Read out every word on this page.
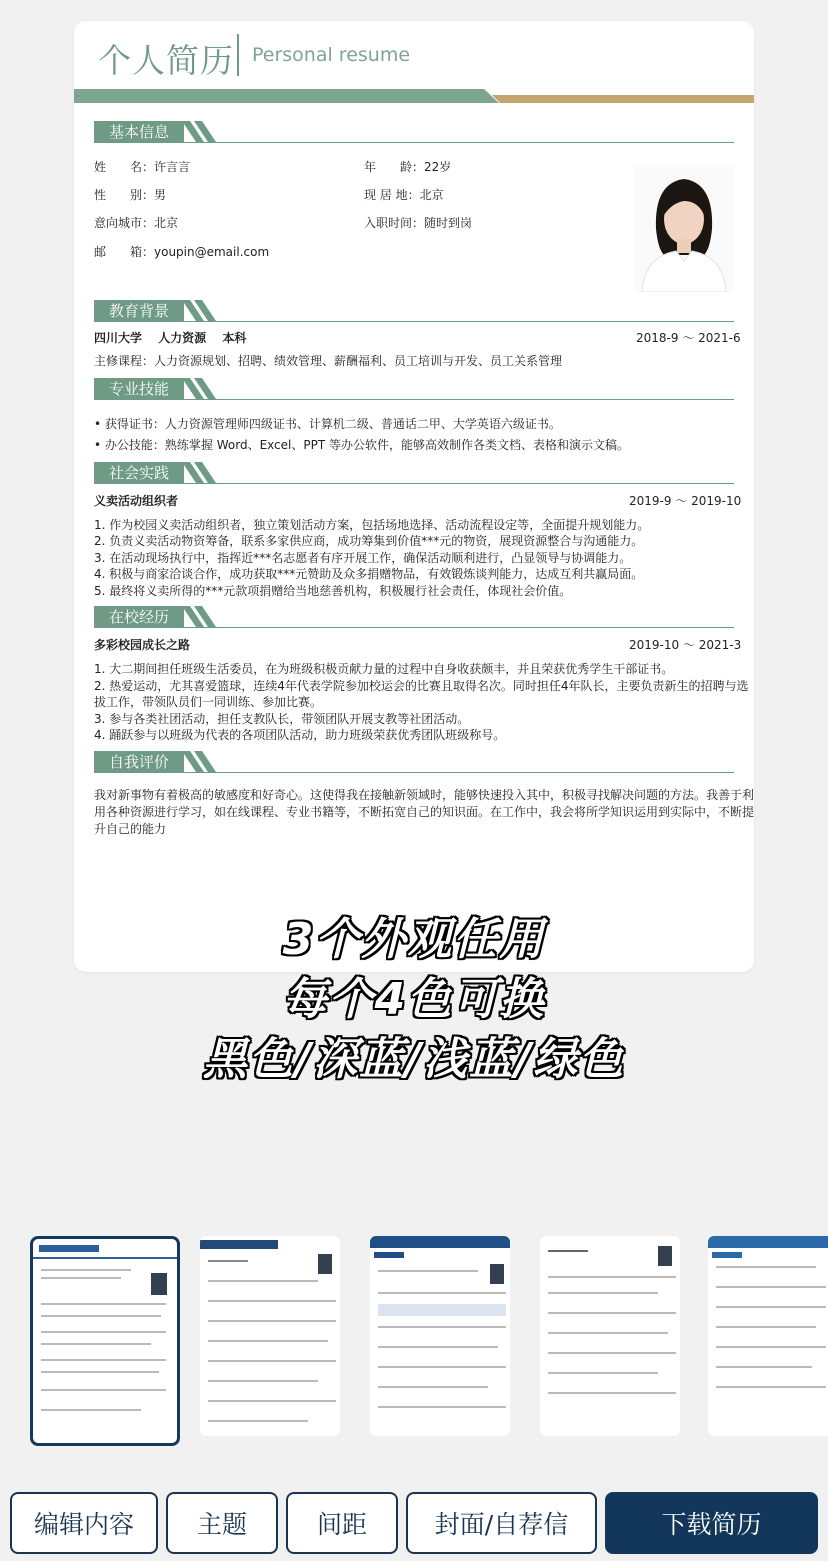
个人简历 Personal resume
基本信息
姓　　名：许言言	年　　龄：22岁
性　　别：男	现 居 地：北京
意向城市：北京	入职时间：随时到岗
邮　　箱：youpin@email.com
教育背景
四川大学　 人力资源　 本科	2018-9 ～ 2021-6
主修课程：人力资源规划、招聘、绩效管理、薪酬福利、员工培训与开发、员工关系管理
专业技能
• 获得证书：人力资源管理师四级证书、计算机二级、普通话二甲、大学英语六级证书。
• 办公技能：熟练掌握 Word、Excel、PPT 等办公软件，能够高效制作各类文档、表格和演示文稿。
社会实践
义卖活动组织者	2019-9 ～ 2019-10
1. 作为校园义卖活动组织者，独立策划活动方案，包括场地选择、活动流程设定等，全面提升规划能力。
2. 负责义卖活动物资筹备，联系多家供应商，成功筹集到价值***元的物资，展现资源整合与沟通能力。
3. 在活动现场执行中，指挥近***名志愿者有序开展工作，确保活动顺利进行，凸显领导与协调能力。
4. 积极与商家洽谈合作，成功获取***元赞助及众多捐赠物品，有效锻炼谈判能力，达成互利共赢局面。
5. 最终将义卖所得的***元款项捐赠给当地慈善机构，积极履行社会责任，体现社会价值。
在校经历
多彩校园成长之路	2019-10 ～ 2021-3
1. 大二期间担任班级生活委员，在为班级积极贡献力量的过程中自身收获颇丰，并且荣获优秀学生干部证书。
2. 热爱运动，尤其喜爱篮球，连续4年代表学院参加校运会的比赛且取得名次。同时担任4年队长，主要负责新生的招聘与选
拔工作，带领队员们一同训练、参加比赛。
3. 参与各类社团活动，担任支教队长，带领团队开展支教等社团活动。
4. 踊跃参与以班级为代表的各项团队活动，助力班级荣获优秀团队班级称号。
自我评价
我对新事物有着极高的敏感度和好奇心。这使得我在接触新领域时，能够快速投入其中，积极寻找解决问题的方法。我善于利
用各种资源进行学习，如在线课程、专业书籍等，不断拓宽自己的知识面。在工作中，我会将所学知识运用到实际中，不断提
升自己的能力
3个外观任用
每个4色可换
黑色/深蓝/浅蓝/绿色
编辑内容	主题	间距	封面/自荐信	下载简历
